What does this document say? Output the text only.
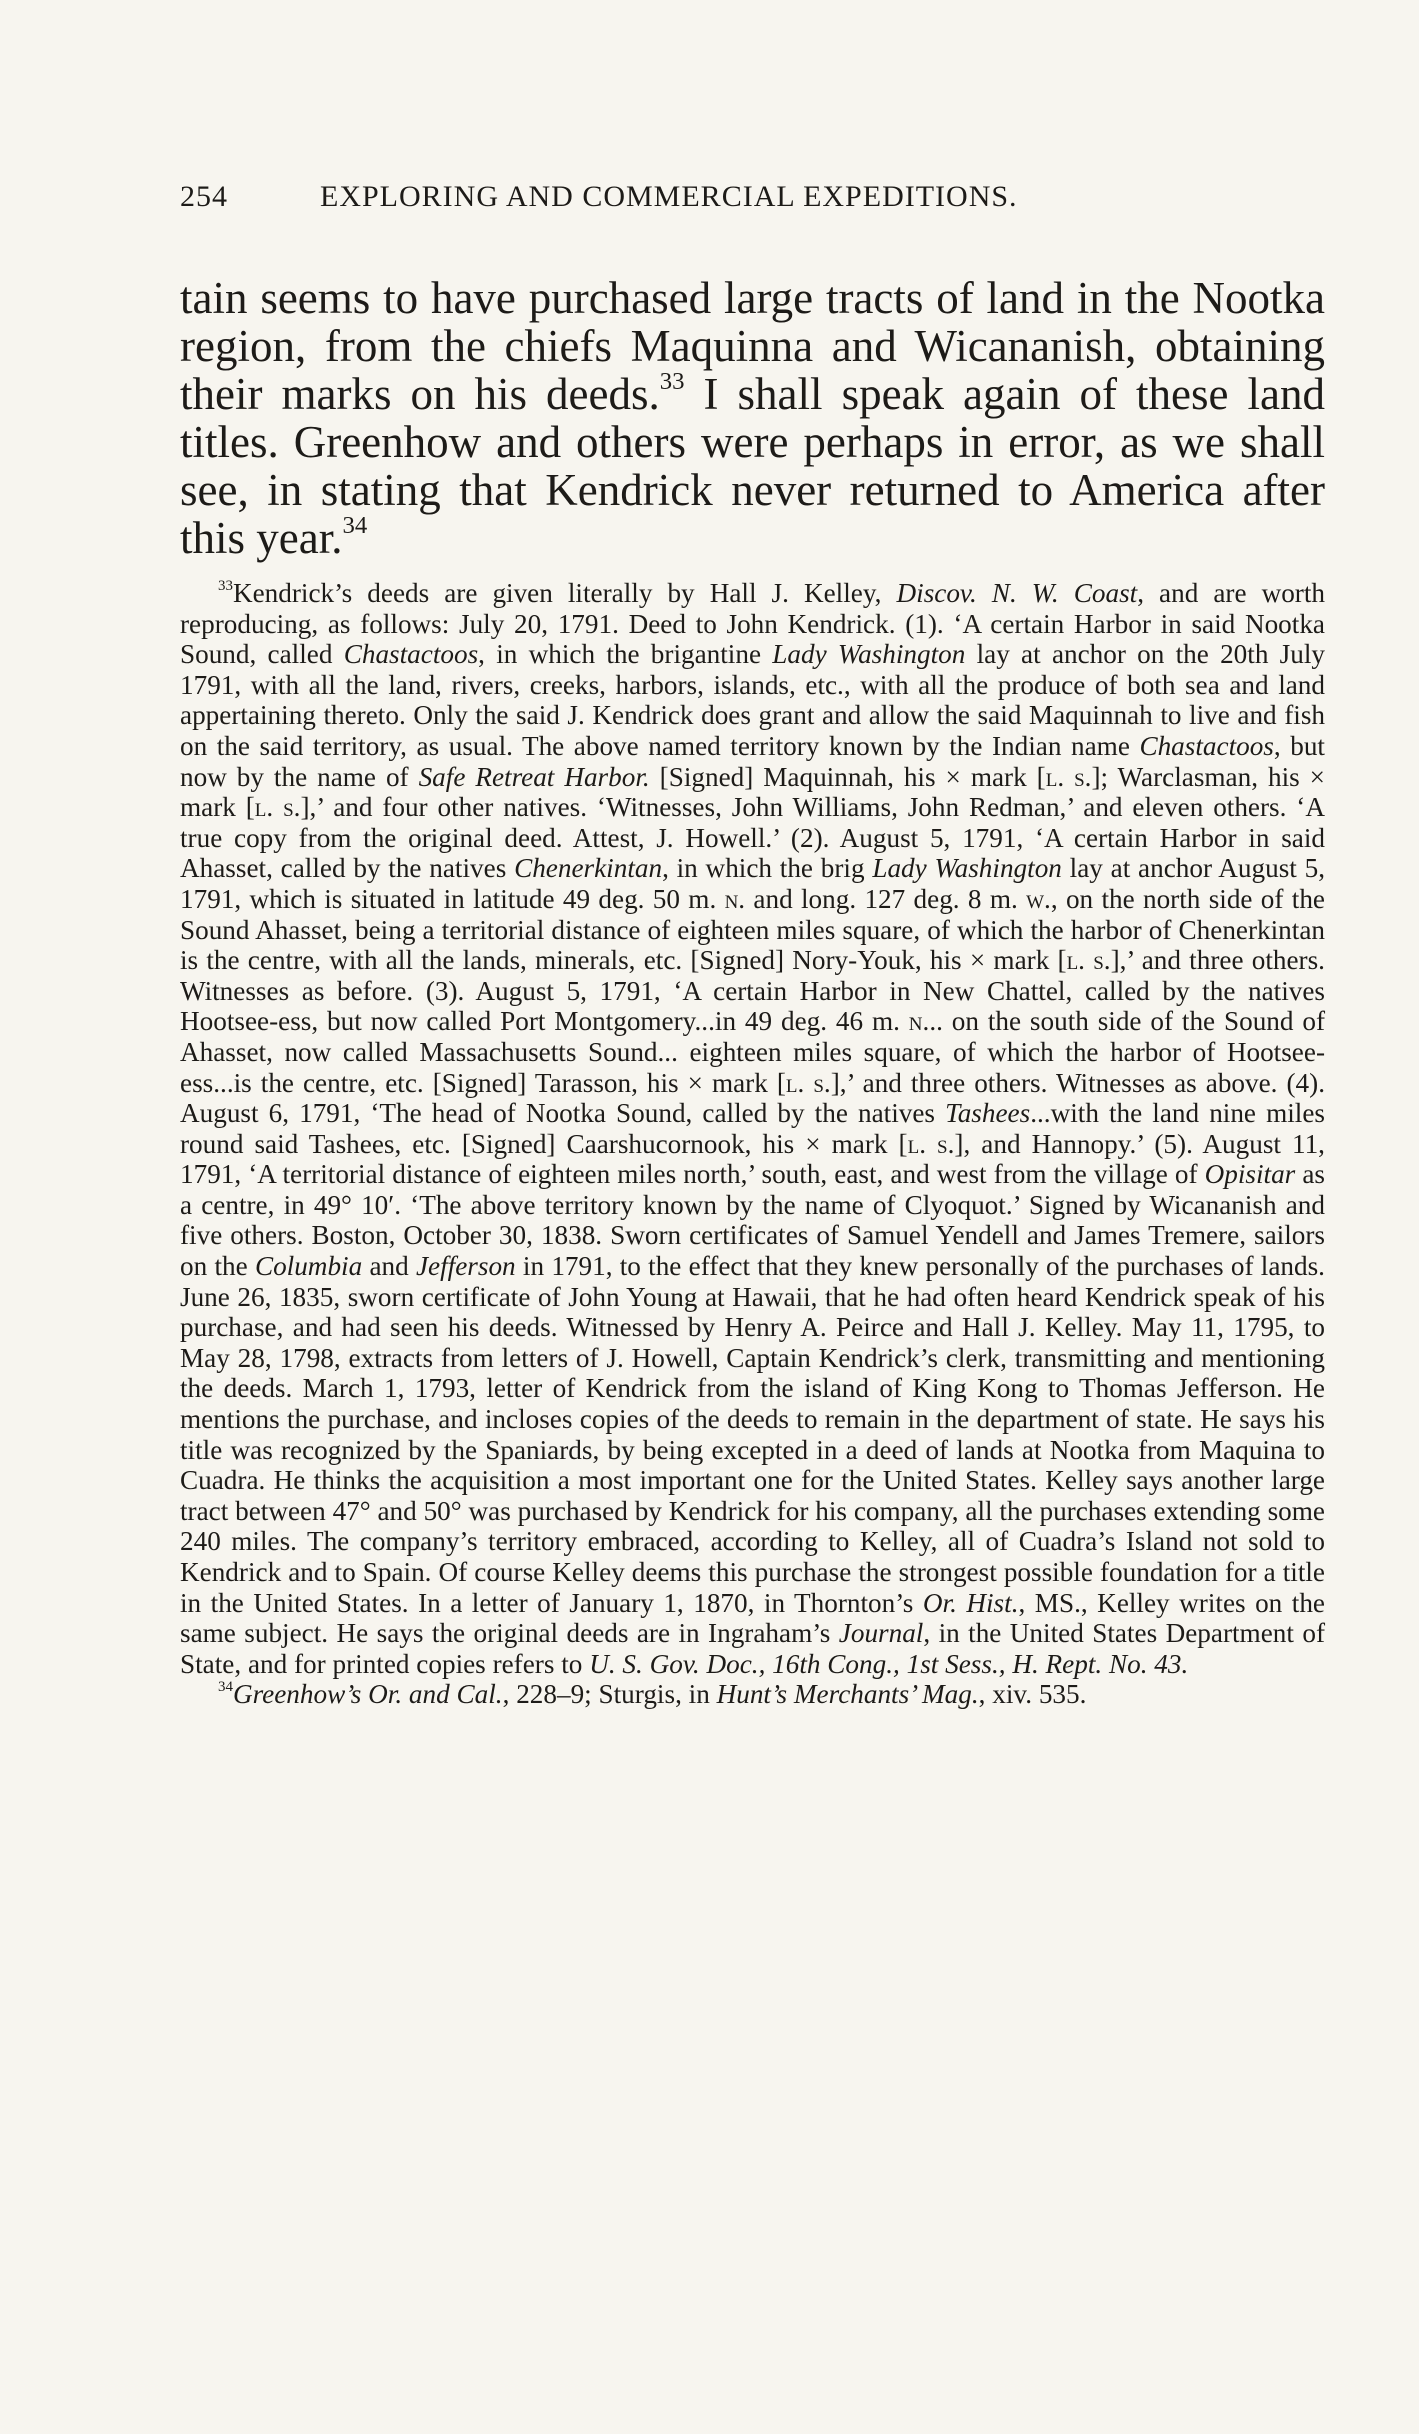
254	EXPLORING AND COMMERCIAL EXPEDITIONS.

tain seems to have purchased large tracts of land in the Nootka region, from the chiefs Maquinna and Wicananish, obtaining their marks on his deeds.$^{33}$ I shall speak again of these land titles. Greenhow and others were perhaps in error, as we shall see, in stating that Kendrick never returned to America after this year.$^{34}$

$^{33}$Kendrick’s deeds are given literally by Hall J. Kelley, Discov. N. W. Coast, and are worth reproducing, as follows: July 20, 1791. Deed to John Kendrick. (1). ‘A certain Harbor in said Nootka Sound, called Chastactoos, in which the brigantine Lady Washington lay at anchor on the 20th July 1791, with all the land, rivers, creeks, harbors, islands, etc., with all the produce of both sea and land appertaining thereto. Only the said J. Kendrick does grant and allow the said Maquinnah to live and fish on the said territory, as usual. The above named territory known by the Indian name Chastactoos, but now by the name of Safe Retreat Harbor. [Signed] Maquinnah, his × mark [l. s.]; Warclasman, his × mark [l. s.],’ and four other natives. ‘Witnesses, John Williams, John Redman,’ and eleven others. ‘A true copy from the original deed. Attest, J. Howell.’ (2). August 5, 1791, ‘A certain Harbor in said Ahasset, called by the natives Chenerkintan, in which the brig Lady Washington lay at anchor August 5, 1791, which is situated in latitude 49 deg. 50 m. n. and long. 127 deg. 8 m. w., on the north side of the Sound Ahasset, being a territorial distance of eighteen miles square, of which the harbor of Chenerkintan is the centre, with all the lands, minerals, etc. [Signed] Nory-Youk, his × mark [l. s.],’ and three others. Witnesses as before. (3). August 5, 1791, ‘A certain Harbor in New Chattel, called by the natives Hootsee-ess, but now called Port Montgomery...in 49 deg. 46 m. n... on the south side of the Sound of Ahasset, now called Massachusetts Sound... eighteen miles square, of which the harbor of Hootsee-ess...is the centre, etc. [Signed] Tarasson, his × mark [l. s.],’ and three others. Witnesses as above. (4). August 6, 1791, ‘The head of Nootka Sound, called by the natives Tashees...with the land nine miles round said Tashees, etc. [Signed] Caarshucornook, his × mark [l. s.], and Hannopy.’ (5). August 11, 1791, ‘A territorial distance of eighteen miles north,’ south, east, and west from the village of Opisitar as a centre, in 49° 10′. ‘The above territory known by the name of Clyoquot.’ Signed by Wicananish and five others. Boston, October 30, 1838. Sworn certificates of Samuel Yendell and James Tremere, sailors on the Columbia and Jefferson in 1791, to the effect that they knew personally of the purchases of lands. June 26, 1835, sworn certificate of John Young at Hawaii, that he had often heard Kendrick speak of his purchase, and had seen his deeds. Witnessed by Henry A. Peirce and Hall J. Kelley. May 11, 1795, to May 28, 1798, extracts from letters of J. Howell, Captain Kendrick’s clerk, transmitting and mentioning the deeds. March 1, 1793, letter of Kendrick from the island of King Kong to Thomas Jefferson. He mentions the purchase, and incloses copies of the deeds to remain in the department of state. He says his title was recognized by the Spaniards, by being excepted in a deed of lands at Nootka from Maquina to Cuadra. He thinks the acquisition a most important one for the United States. Kelley says another large tract between 47° and 50° was purchased by Kendrick for his company, all the purchases extending some 240 miles. The company’s territory embraced, according to Kelley, all of Cuadra’s Island not sold to Kendrick and to Spain. Of course Kelley deems this purchase the strongest possible foundation for a title in the United States. In a letter of January 1, 1870, in Thornton’s Or. Hist., MS., Kelley writes on the same subject. He says the original deeds are in Ingraham’s Journal, in the United States Department of State, and for printed copies refers to U. S. Gov. Doc., 16th Cong., 1st Sess., H. Rept. No. 43.

$^{34}$Greenhow’s Or. and Cal., 228–9; Sturgis, in Hunt’s Merchants’ Mag., xiv. 535.
